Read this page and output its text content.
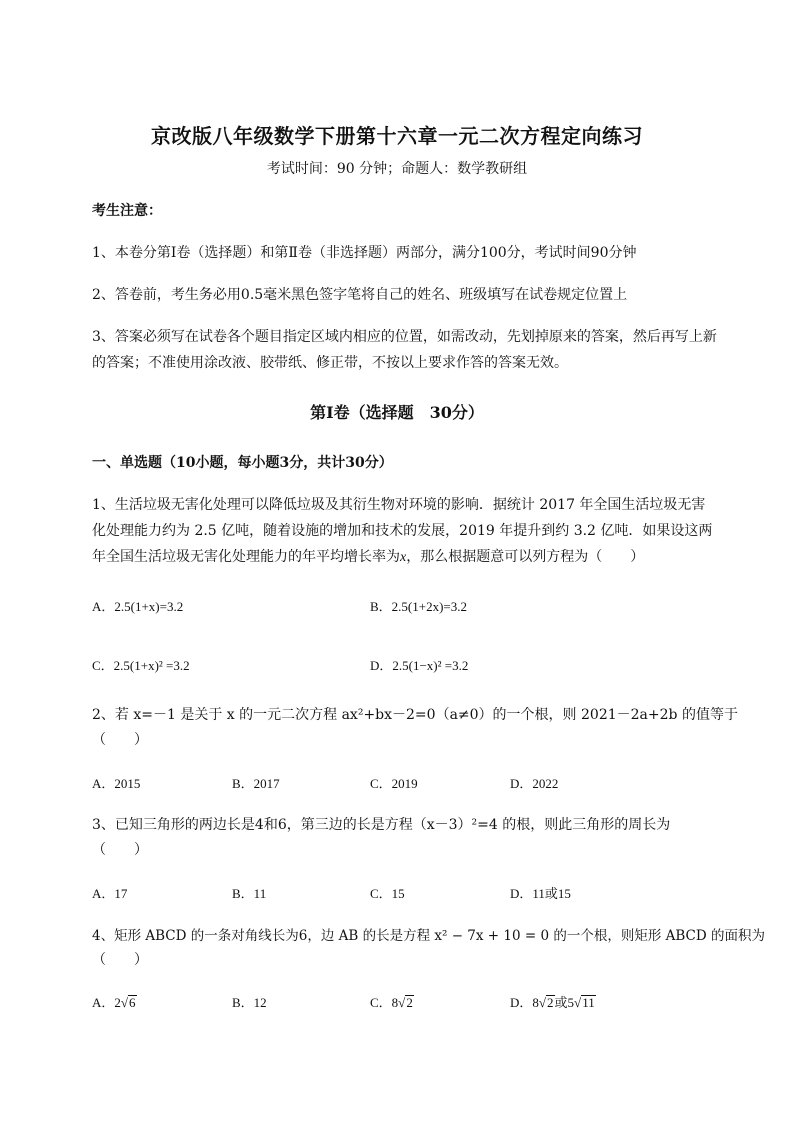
京改版八年级数学下册第十六章一元二次方程定向练习
考试时间：90 分钟；命题人：数学教研组
考生注意：
1、本卷分第I卷（选择题）和第Ⅱ卷（非选择题）两部分，满分100分，考试时间90分钟
2、答卷前，考生务必用0.5毫米黑色签字笔将自己的姓名、班级填写在试卷规定位置上
3、答案必须写在试卷各个题目指定区域内相应的位置，如需改动，先划掉原来的答案，然后再写上新
的答案；不准使用涂改液、胶带纸、修正带，不按以上要求作答的答案无效。
第I卷（选择题　30分）
一、单选题（10小题，每小题3分，共计30分）
1、生活垃圾无害化处理可以降低垃圾及其衍生物对环境的影响．据统计 2017 年全国生活垃圾无害
化处理能力约为 2.5 亿吨，随着设施的增加和技术的发展，2019 年提升到约 3.2 亿吨．如果设这两
年全国生活垃圾无害化处理能力的年平均增长率为x，那么根据题意可以列方程为（　　）
A．2.5(1+x)=3.2	B．2.5(1+2x)=3.2
C．2.5(1+x)² =3.2	D．2.5(1−x)² =3.2
2、若 x=－1 是关于 x 的一元二次方程 ax²+bx－2=0（a≠0）的一个根，则 2021－2a+2b 的值等于
（　　）
A．2015	B．2017	C．2019	D．2022
3、已知三角形的两边长是4和6，第三边的长是方程（x－3）²=4 的根，则此三角形的周长为
（　　）
A．17	B．11	C．15	D．11或15
4、矩形 ABCD 的一条对角线长为6，边 AB 的长是方程 x² − 7x + 10 = 0 的一个根，则矩形 ABCD 的面积为
（　　）
A．2√6	B．12	C．8√2	D．8√2或5√11
